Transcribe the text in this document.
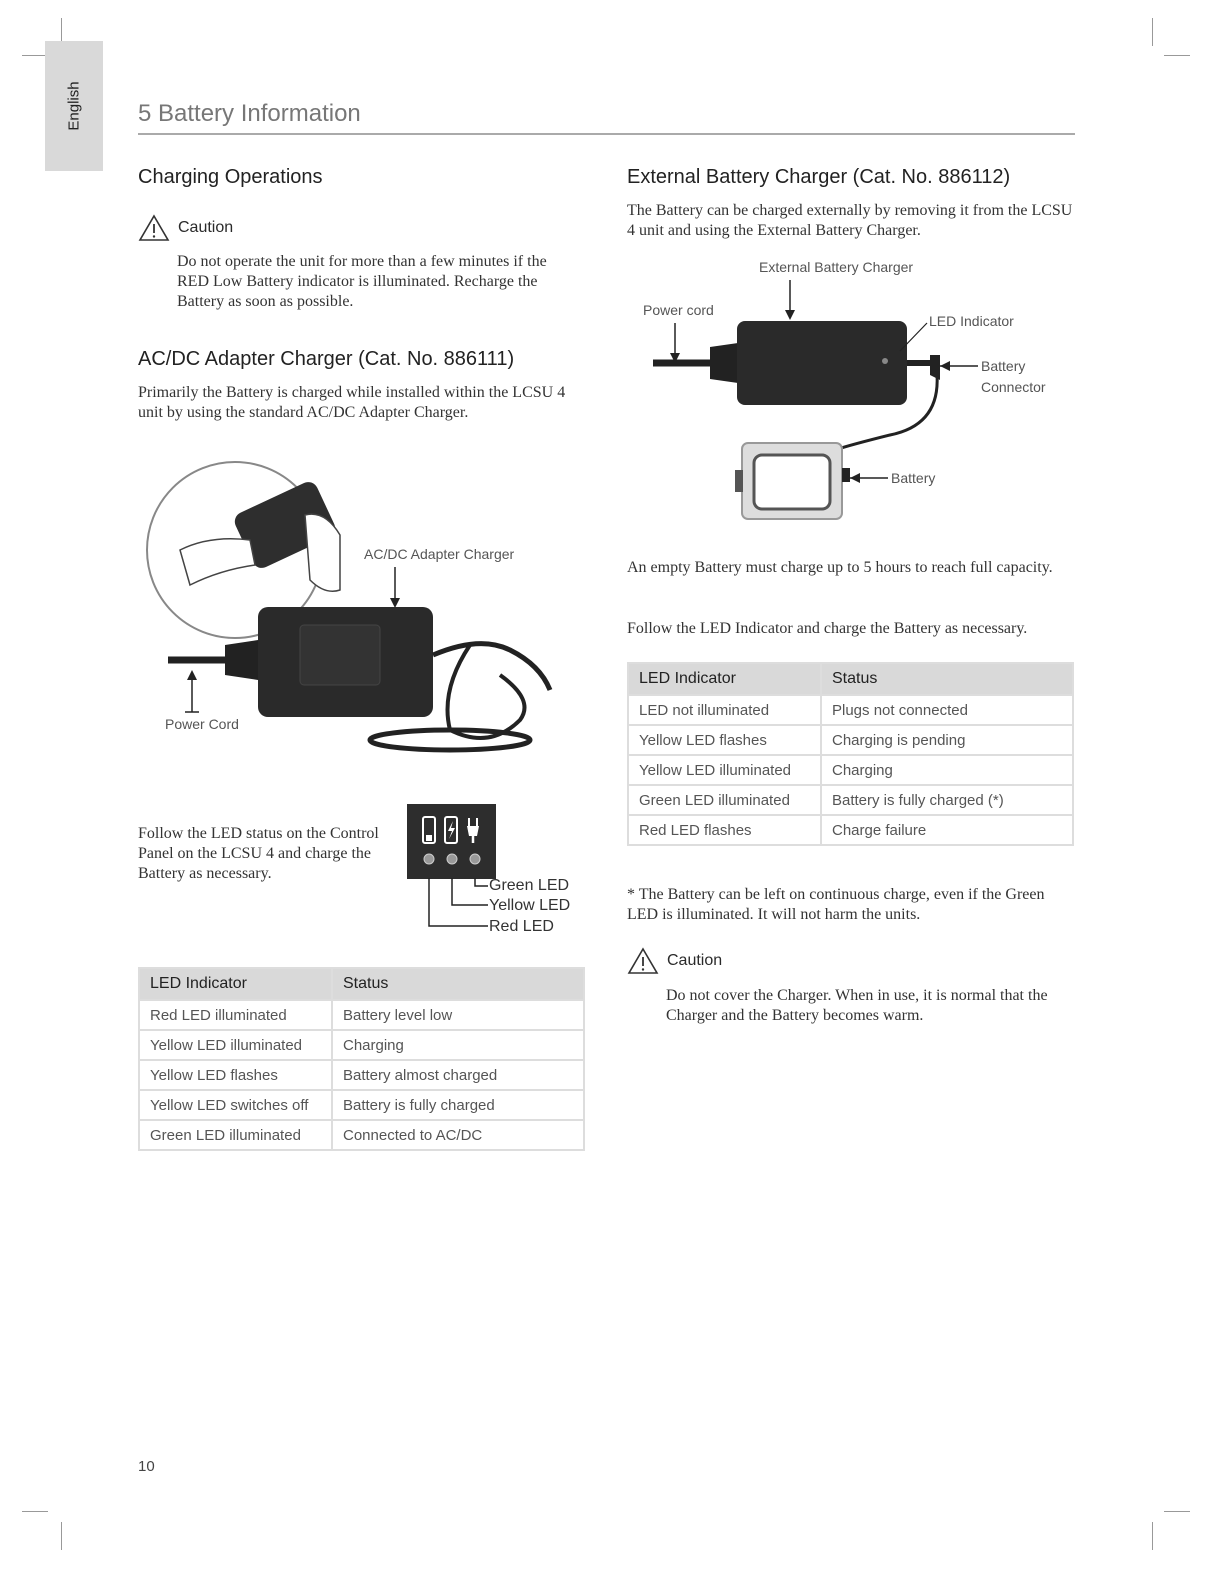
English 5 Battery Information
Charging Operations
Caution
Do not operate the unit for more than a few minutes if the RED Low Battery indicator is illuminated. Recharge the Battery as soon as possible.
AC/DC Adapter Charger (Cat. No. 886111)
Primarily the Battery is charged while installed within the LCSU 4 unit by using the standard AC/DC Adapter Charger.
AC/DC Adapter Charger
Power Cord
Follow the LED status on the Control Panel on the LCSU 4 and charge the Battery as necessary.
Green LED
Yellow LED
Red LED
LED Indicator	Status
Red LED illuminated	Battery level low
Yellow LED illuminated	Charging
Yellow LED flashes	Battery almost charged
Yellow LED switches off	Battery is fully charged
Green LED illuminated	Connected to AC/DC
External Battery Charger (Cat. No. 886112)
The Battery can be charged externally by removing it from the LCSU 4 unit and using the External Battery Charger.
External Battery Charger
Power cord
LED Indicator
Battery
Connector
Battery
An empty Battery must charge up to 5 hours to reach full capacity.
Follow the LED Indicator and charge the Battery as necessary.
LED Indicator	Status
LED not illuminated	Plugs not connected
Yellow LED flashes	Charging is pending
Yellow LED illuminated	Charging
Green LED illuminated	Battery is fully charged (*)
Red LED flashes	Charge failure
* The Battery can be left on continuous charge, even if the Green LED is illuminated. It will not harm the units.
Caution
Do not cover the Charger. When in use, it is normal that the Charger and the Battery becomes warm.
10
